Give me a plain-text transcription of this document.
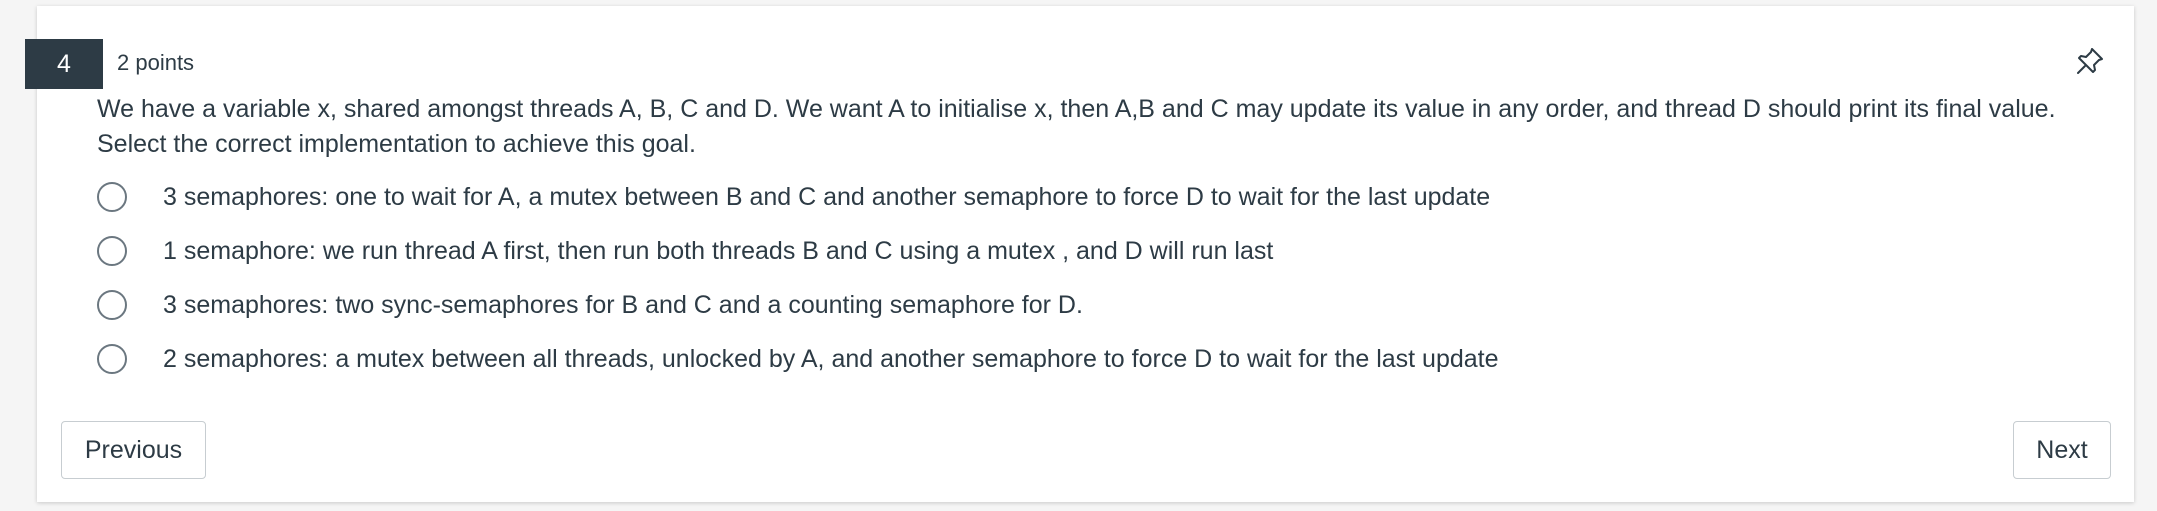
4	2 points
We have a variable x, shared amongst threads A, B, C and D. We want A to initialise x, then A,B and C may update its value in any order, and thread D should print its final value.
Select the correct implementation to achieve this goal.
3 semaphores: one to wait for A, a mutex between B and C and another semaphore to force D to wait for the last update
1 semaphore: we run thread A first, then run both threads B and C using a mutex , and D will run last
3 semaphores: two sync-semaphores for B and C and a counting semaphore for D.
2 semaphores: a mutex between all threads, unlocked by A, and another semaphore to force D to wait for the last update
Previous	Next
